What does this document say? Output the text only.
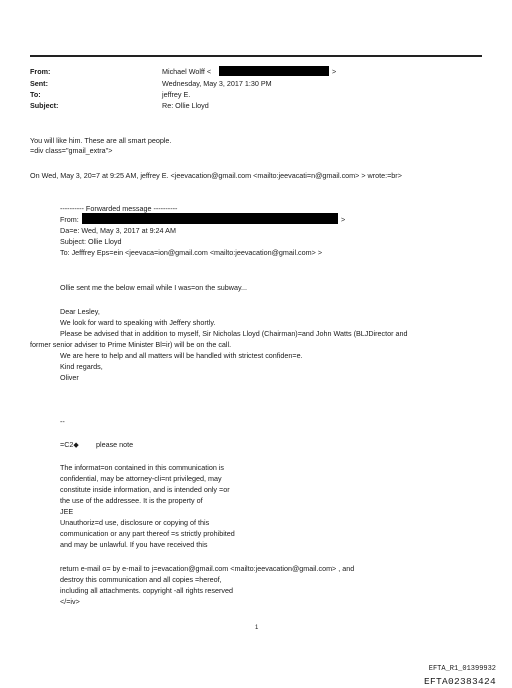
From:	Michael Wolff <	>
Sent:	Wednesday, May 3, 2017 1:30 PM
To:	jeffrey E.
Subject:	Re: Ollie Lloyd
You will like him. These are all smart people.
=div class="gmail_extra">
On Wed, May 3, 20=7 at 9:25 AM, jeffrey E. <jeevacation@gmail.com <mailto:jeevacati=n@gmail.com> > wrote:=br>
---------- Forwarded message ----------
From:	>
Da=e: Wed, May 3, 2017 at 9:24 AM
Subject: Ollie Lloyd
To: Jefffrey Eps=ein <jeevaca=ion@gmail.com <mailto:jeevacation@gmail.com> >
Ollie sent me the below email while I was=on the subway...
Dear Lesley,
We look for ward to speaking with Jeffery shortly.
Please be advised that in addition to myself, Sir Nicholas Lloyd (Chairman)=and John Watts (BLJDirector and
former senior adviser to Prime Minister Bl=ir) will be on the call.
We are here to help and all matters will be handled with strictest confiden=e.
Kind regards,
Oliver
--
=C2◆ please note
The informat=on contained in this communication is
confidential, may be attorney-cli=nt privileged, may
constitute inside information, and is intended only =or
the use of the addressee. It is the property of
JEE
Unauthoriz=d use, disclosure or copying of this
communication or any part thereof =s strictly prohibited
and may be unlawful. If you have received this
return e-mail o= by e-mail to j=evacation@gmail.com <mailto:jeevacation@gmail.com> , and
destroy this communication and all copies =hereof,
including all attachments. copyright -all rights reserved
</=iv>
1
EFTA_R1_01399932
EFTA02383424
